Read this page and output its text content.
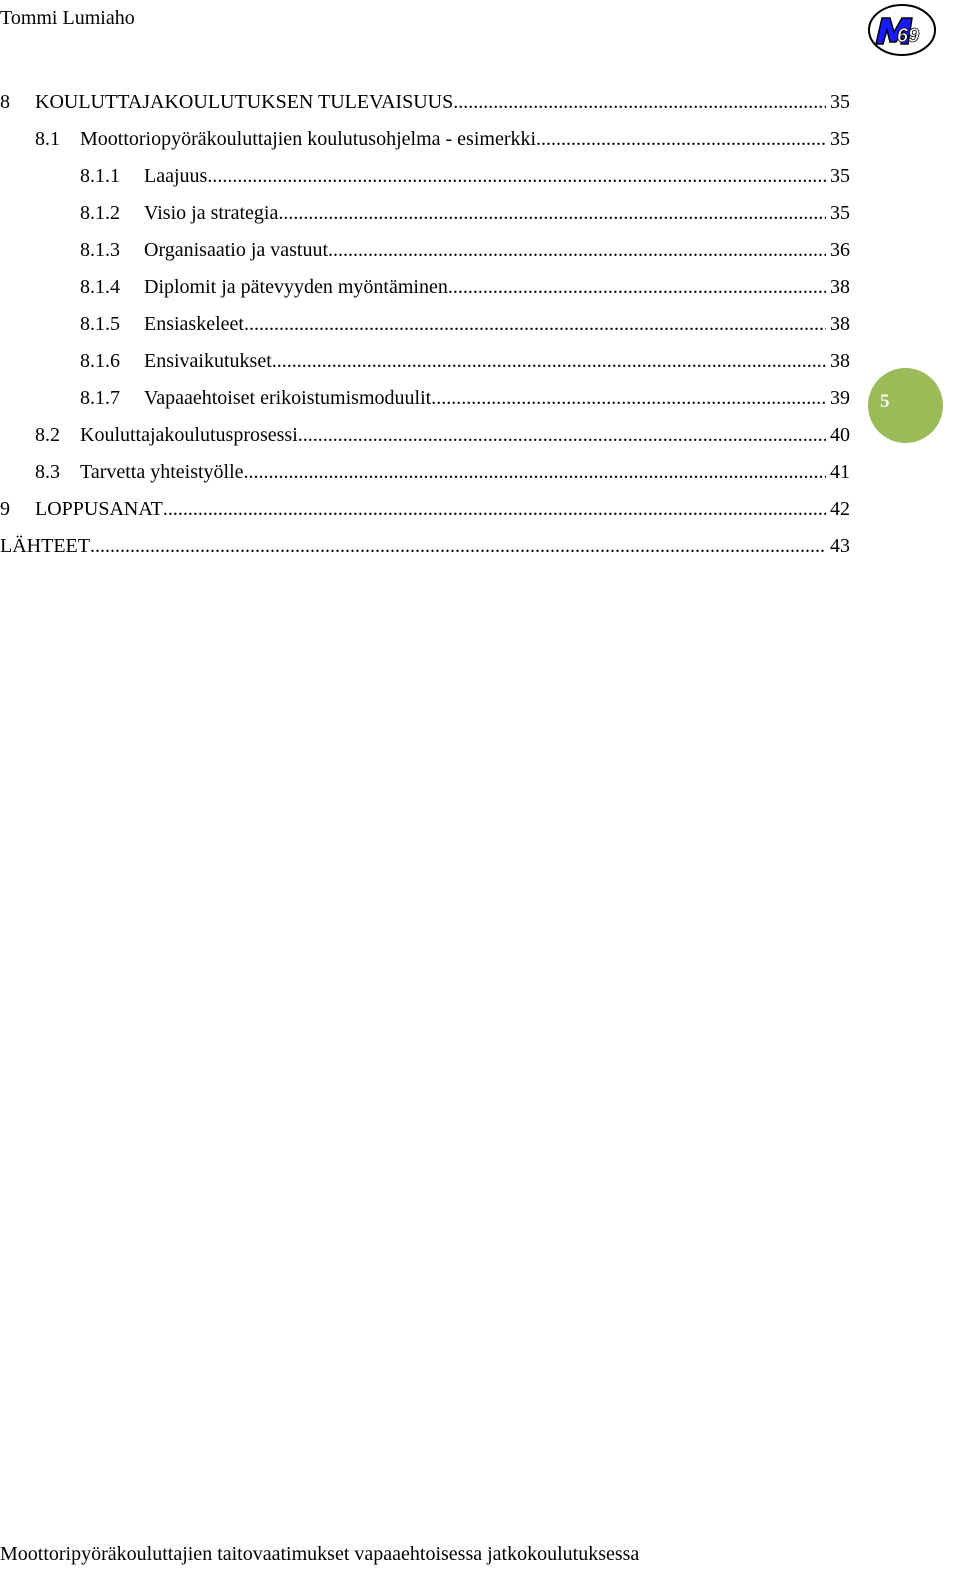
Tommi Lumiaho
69
8	KOULUTTAJAKOULUTUKSEN TULEVAISUUS .....	35
8.1	Moottoriopyöräkouluttajien koulutusohjelma - esimerkki .....	35
8.1.1	Laajuus .....	35
8.1.2	Visio ja strategia .....	35
8.1.3	Organisaatio ja vastuut .....	36
8.1.4	Diplomit ja pätevyyden myöntäminen .....	38
8.1.5	Ensiaskeleet .....	38
8.1.6	Ensivaikutukset .....	38
8.1.7	Vapaaehtoiset erikoistumismoduulit .....	39
8.2	Kouluttajakoulutusprosessi .....	40
8.3	Tarvetta yhteistyölle .....	41
9	LOPPUSANAT .....	42
LÄHTEET .....	43
5
Moottoripyöräkouluttajien taitovaatimukset vapaaehtoisessa jatkokoulutuksessa
